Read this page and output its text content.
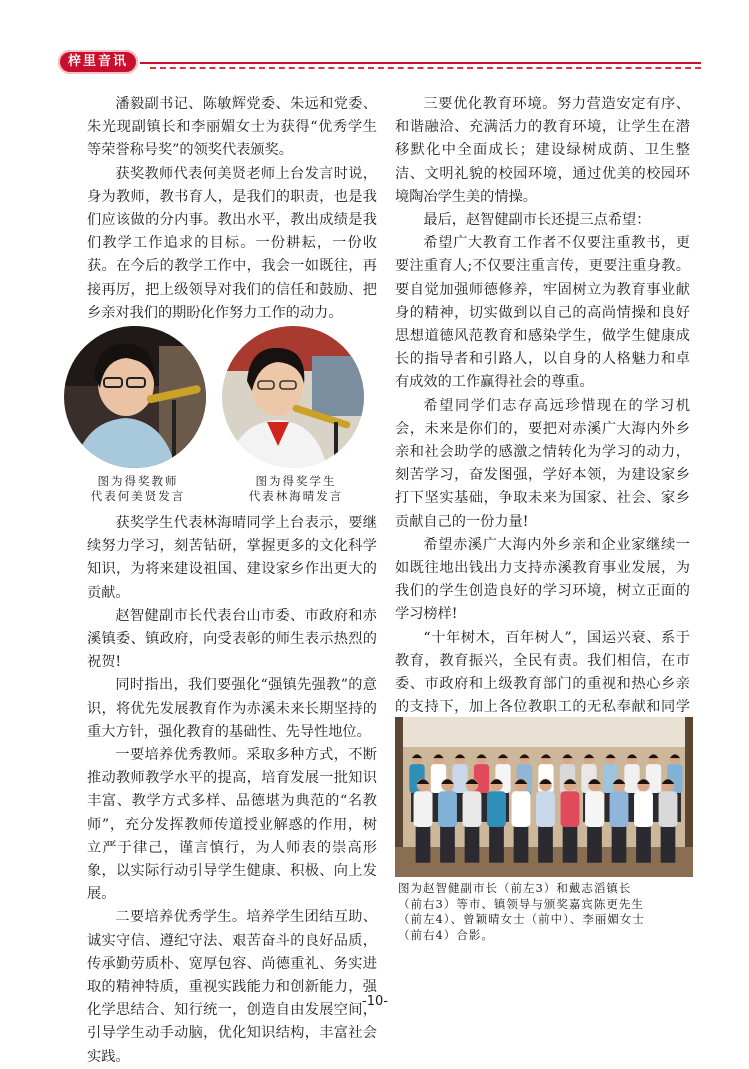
梓里音讯

潘毅副书记、陈敏辉党委、朱远和党委、朱光现副镇长和李丽媚女士为获得“优秀学生等荣誉称号奖”的领奖代表颁奖。

获奖教师代表何美贤老师上台发言时说，身为教师，教书育人，是我们的职责，也是我们应该做的分内事。教出水平，教出成绩是我们教学工作追求的目标。一份耕耘，一份收获。在今后的教学工作中，我会一如既往，再接再厉，把上级领导对我们的信任和鼓励、把乡亲对我们的期盼化作努力工作的动力。

图为得奖教师
代表何美贤发言
图为得奖学生
代表林海晴发言

获奖学生代表林海晴同学上台表示，要继续努力学习，刻苦钻研，掌握更多的文化科学知识，为将来建设祖国、建设家乡作出更大的贡献。

赵智健副市长代表台山市委、市政府和赤溪镇委、镇政府，向受表彰的师生表示热烈的祝贺!

同时指出，我们要强化“强镇先强教”的意识，将优先发展教育作为赤溪未来长期坚持的重大方针，强化教育的基础性、先导性地位。

一要培养优秀教师。采取多种方式，不断推动教师教学水平的提高，培育发展一批知识丰富、教学方式多样、品德堪为典范的“名教师”，充分发挥教师传道授业解惑的作用，树立严于律己，谨言慎行，为人师表的崇高形象，以实际行动引导学生健康、积极、向上发展。

二要培养优秀学生。培养学生团结互助、诚实守信、遵纪守法、艰苦奋斗的良好品质，传承勤劳质朴、宽厚包容、尚德重礼、务实进取的精神特质，重视实践能力和创新能力，强化学思结合、知行统一，创造自由发展空间，引导学生动手动脑，优化知识结构，丰富社会实践。

三要优化教育环境。努力营造安定有序、和谐融洽、充满活力的教育环境，让学生在潜移默化中全面成长；建设绿树成荫、卫生整洁、文明礼貌的校园环境，通过优美的校园环境陶冶学生美的情操。

最后，赵智健副市长还提三点希望：

希望广大教育工作者不仅要注重教书，更要注重育人;不仅要注重言传，更要注重身教。要自觉加强师德修养，牢固树立为教育事业献身的精神，切实做到以自己的高尚情操和良好思想道德风范教育和感染学生，做学生健康成长的指导者和引路人，以自身的人格魅力和卓有成效的工作赢得社会的尊重。

希望同学们志存高远珍惜现在的学习机会，未来是你们的，要把对赤溪广大海内外乡亲和社会助学的感激之情转化为学习的动力，刻苦学习，奋发图强，学好本领，为建设家乡打下坚实基础，争取未来为国家、社会、家乡贡献自己的一份力量!

希望赤溪广大海内外乡亲和企业家继续一如既往地出钱出力支持赤溪教育事业发展，为我们的学生创造良好的学习环境，树立正面的学习榜样!

“十年树木，百年树人”，国运兴衰、系于教育，教育振兴，全民有责。我们相信，在市委、市政府和上级教育部门的重视和热心乡亲的支持下，加上各位教职工的无私奉献和同学

图为赵智健副市长（前左3）和戴志滔镇长
（前右3）等市、镇领导与颁奖嘉宾陈更先生
（前左4）、曾颖晴女士（前中）、李丽媚女士
（前右4）合影。
-10-
